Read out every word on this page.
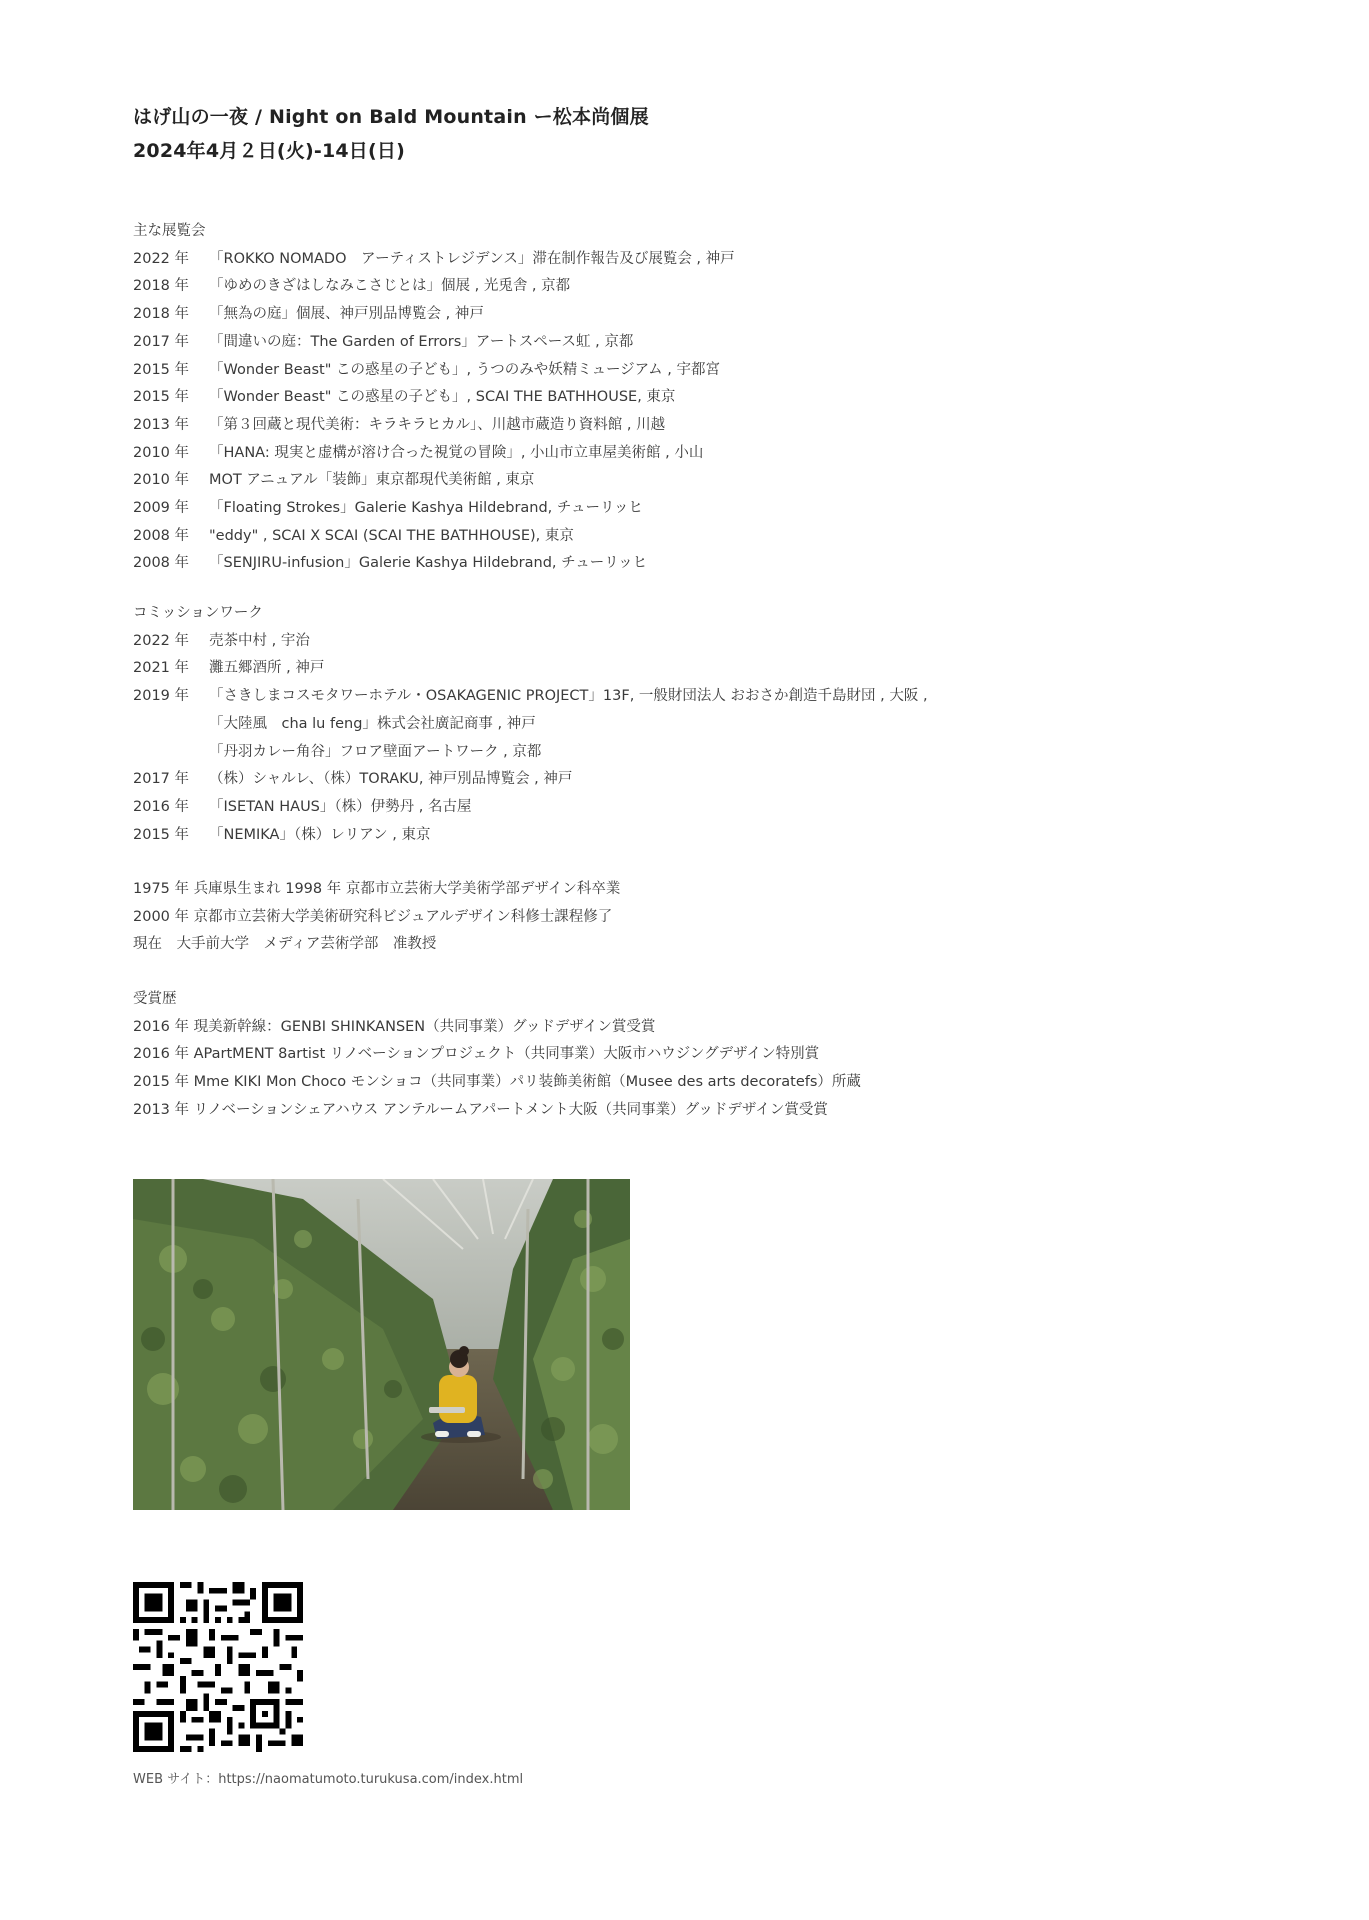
はげ山の一夜 / Night on Bald Mountain ー松本尚個展
2024年4月２日(火)-14日(日)
主な展覧会
2022 年	「ROKKO NOMADO　アーティストレジデンス」滞在制作報告及び展覧会 , 神戸
2018 年	「ゆめのきざはしなみこさじとは」個展 , 光兎舎 , 京都
2018 年	「無為の庭」個展、神戸別品博覧会 , 神戸
2017 年	「間違いの庭：The Garden of Errors」アートスペース虹 , 京都
2015 年	「Wonder Beast" この惑星の子ども」, うつのみや妖精ミュージアム , 宇都宮
2015 年	「Wonder Beast" この惑星の子ども」, SCAI THE BATHHOUSE, 東京
2013 年	「第３回蔵と現代美術：キラキラヒカル」、川越市蔵造り資料館 , 川越
2010 年	「HANA: 現実と虚構が溶け合った視覚の冒険」, 小山市立車屋美術館 , 小山
2010 年	MOT アニュアル「装飾」東京都現代美術館 , 東京
2009 年	「Floating Strokes」Galerie Kashya Hildebrand, チューリッヒ
2008 年	"eddy" , SCAI X SCAI (SCAI THE BATHHOUSE), 東京
2008 年	「SENJIRU-infusion」Galerie Kashya Hildebrand, チューリッヒ
コミッションワーク
2022 年	売茶中村 , 宇治
2021 年	灘五郷酒所 , 神戸
2019 年	「さきしまコスモタワーホテル・OSAKAGENIC PROJECT」13F, 一般財団法人 おおさか創造千島財団 , 大阪 ,
「大陸風　cha lu feng」株式会社廣記商事 , 神戸
「丹羽カレー角谷」フロア壁面アートワーク , 京都
2017 年	（株）シャルレ、（株）TORAKU, 神戸別品博覧会 , 神戸
2016 年	「ISETAN HAUS」（株）伊勢丹 , 名古屋
2015 年	「NEMIKA」（株）レリアン , 東京
1975 年 兵庫県生まれ 1998 年 京都市立芸術大学美術学部デザイン科卒業
2000 年 京都市立芸術大学美術研究科ビジュアルデザイン科修士課程修了
現在　大手前大学　メディア芸術学部　准教授
受賞歴
2016 年 現美新幹線：GENBI SHINKANSEN（共同事業）グッドデザイン賞受賞
2016 年 APartMENT 8artist リノベーションプロジェクト（共同事業）大阪市ハウジングデザイン特別賞
2015 年 Mme KIKI Mon Choco モンショコ（共同事業）パリ装飾美術館（Musee des arts decoratefs）所蔵
2013 年 リノベーションシェアハウス アンテルームアパートメント大阪（共同事業）グッドデザイン賞受賞
WEB サイト：https://naomatumoto.turukusa.com/index.html
